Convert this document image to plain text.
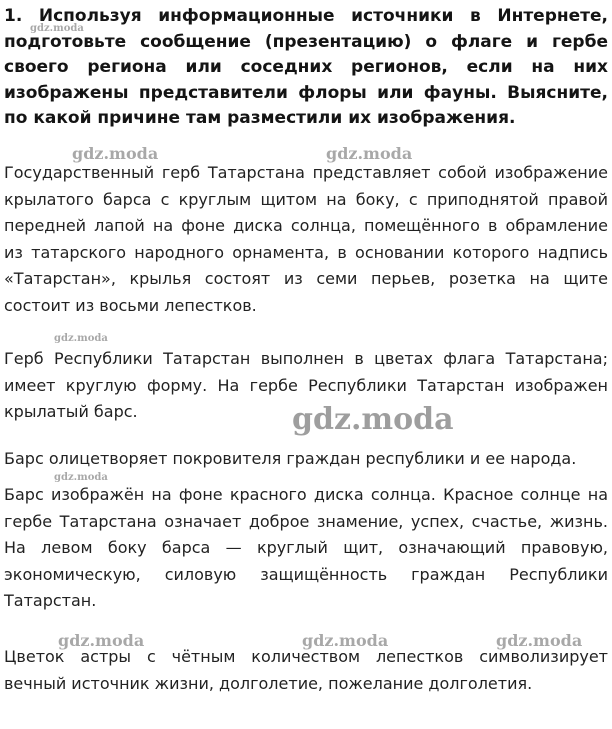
1. Используя информационные источники в Интернете, подготовьте сообщение (презентацию) о флаге и гербе своего региона или соседних регионов, если на них изображены представители флоры или фауны. Выясните, по какой причине там разместили их изображения.

Государственный герб Татарстана представляет собой изображение крылатого барса с круглым щитом на боку, с приподнятой правой передней лапой на фоне диска солнца, помещённого в обрамление из татарского народного орнамента, в основании которого надпись «Татарстан», крылья состоят из семи перьев, розетка на щите состоит из восьми лепестков.

Герб Республики Татарстан выполнен в цветах флага Татарстана; имеет круглую форму. На гербе Республики Татарстан изображен крылатый барс.

Барс олицетворяет покровителя граждан республики и ее народа.

Барс изображён на фоне красного диска солнца. Красное солнце на гербе Татарстана означает доброе знамение, успех, счастье, жизнь. На левом боку барса — круглый щит, означающий правовую, экономическую, силовую защищённость граждан Республики Татарстан.

Цветок астры с чётным количеством лепестков символизирует вечный источник жизни, долголетие, пожелание долголетия.

gdz.moda
gdz.moda	gdz.moda
gdz.moda
gdz.moda
gdz.moda
gdz.moda	gdz.moda	gdz.moda
